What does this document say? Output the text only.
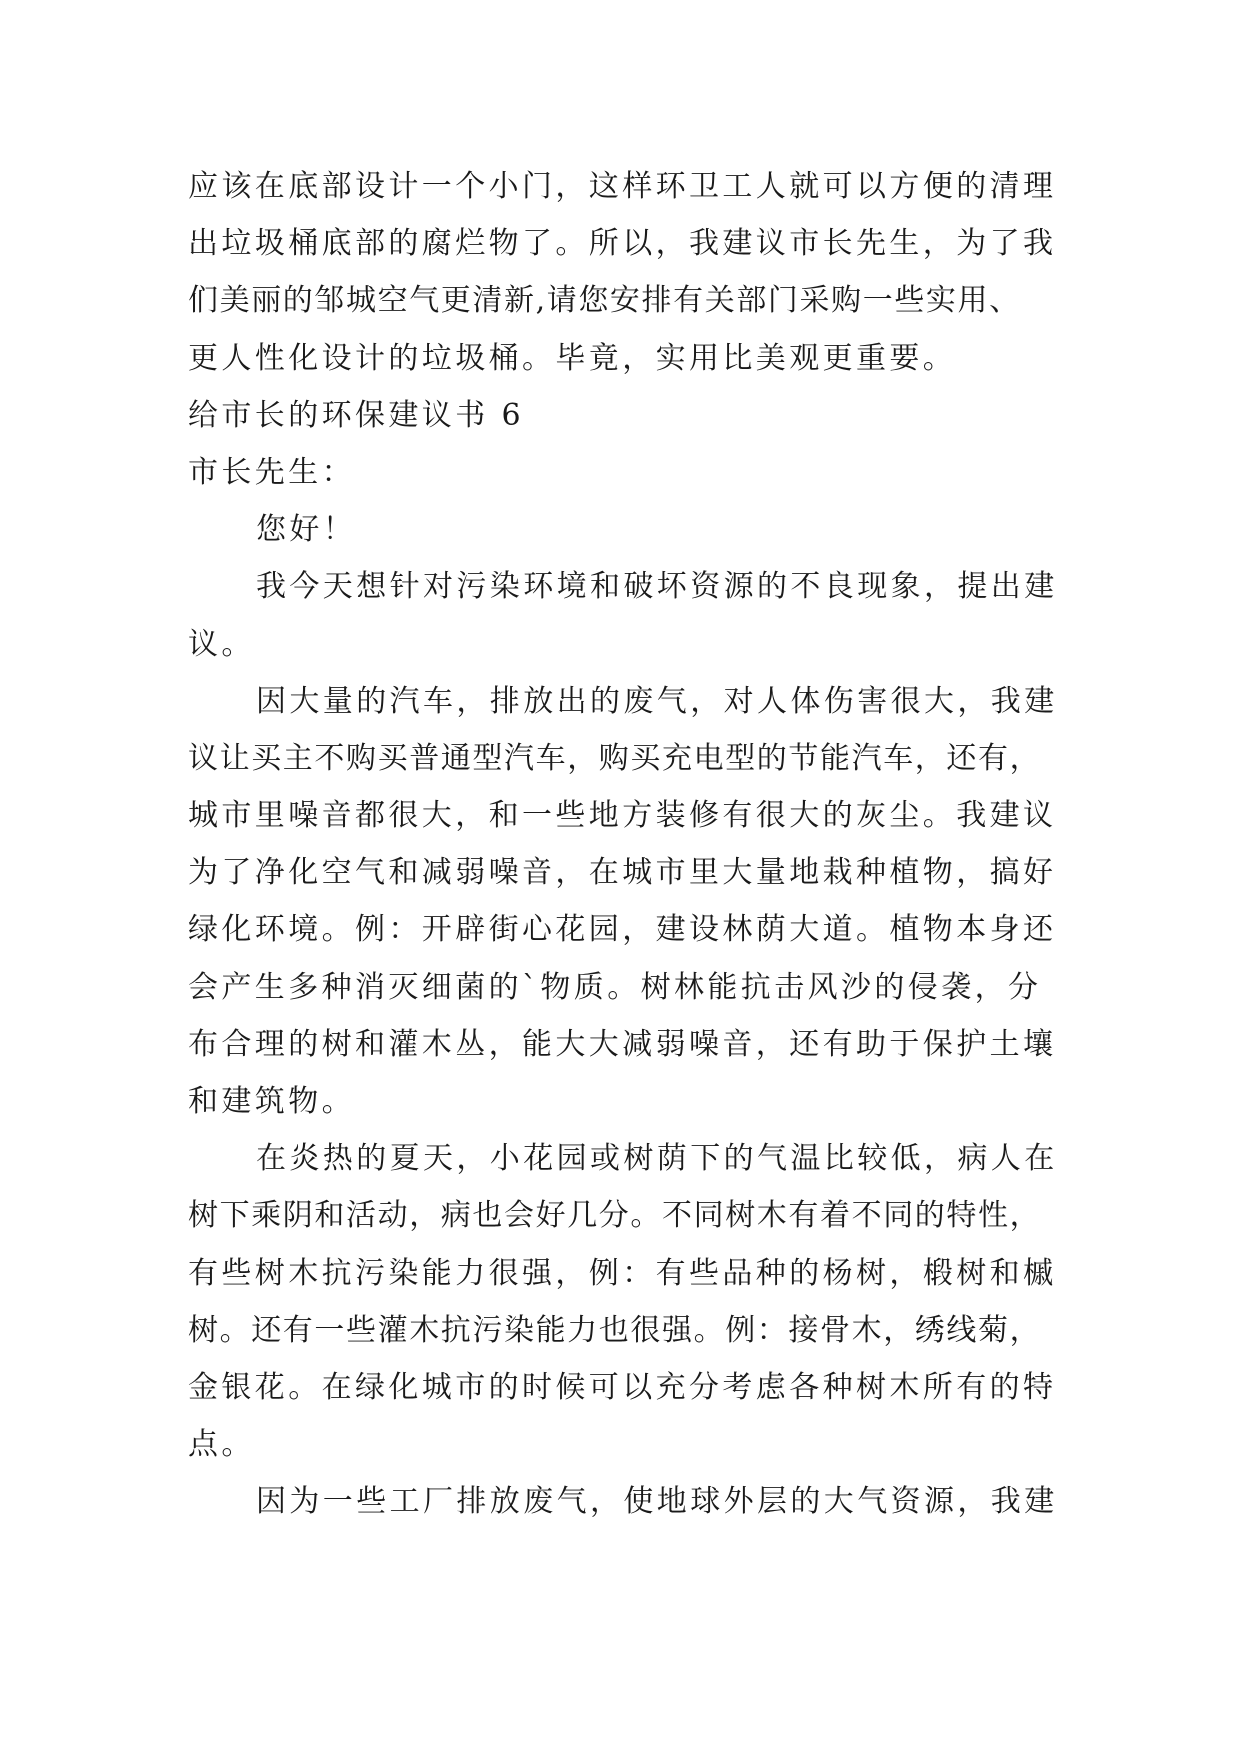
应该在底部设计一个小门，这样环卫工人就可以方便的清理
出垃圾桶底部的腐烂物了。所以，我建议市长先生，为了我
们美丽的邹城空气更清新,请您安排有关部门采购一些实用、
更人性化设计的垃圾桶。毕竟，实用比美观更重要。
给市长的环保建议书 6
市长先生：
您好！
我今天想针对污染环境和破坏资源的不良现象，提出建
议。
因大量的汽车，排放出的废气，对人体伤害很大，我建
议让买主不购买普通型汽车，购买充电型的节能汽车，还有，
城市里噪音都很大，和一些地方装修有很大的灰尘。我建议
为了净化空气和减弱噪音，在城市里大量地栽种植物，搞好
绿化环境。例：开辟街心花园，建设林荫大道。植物本身还
会产生多种消灭细菌的`物质。树林能抗击风沙的侵袭，分
布合理的树和灌木丛，能大大减弱噪音，还有助于保护土壤
和建筑物。
在炎热的夏天，小花园或树荫下的气温比较低，病人在
树下乘阴和活动，病也会好几分。不同树木有着不同的特性，
有些树木抗污染能力很强，例：有些品种的杨树，椴树和槭
树。还有一些灌木抗污染能力也很强。例：接骨木，绣线菊，
金银花。在绿化城市的时候可以充分考虑各种树木所有的特
点。
因为一些工厂排放废气，使地球外层的大气资源，我建
